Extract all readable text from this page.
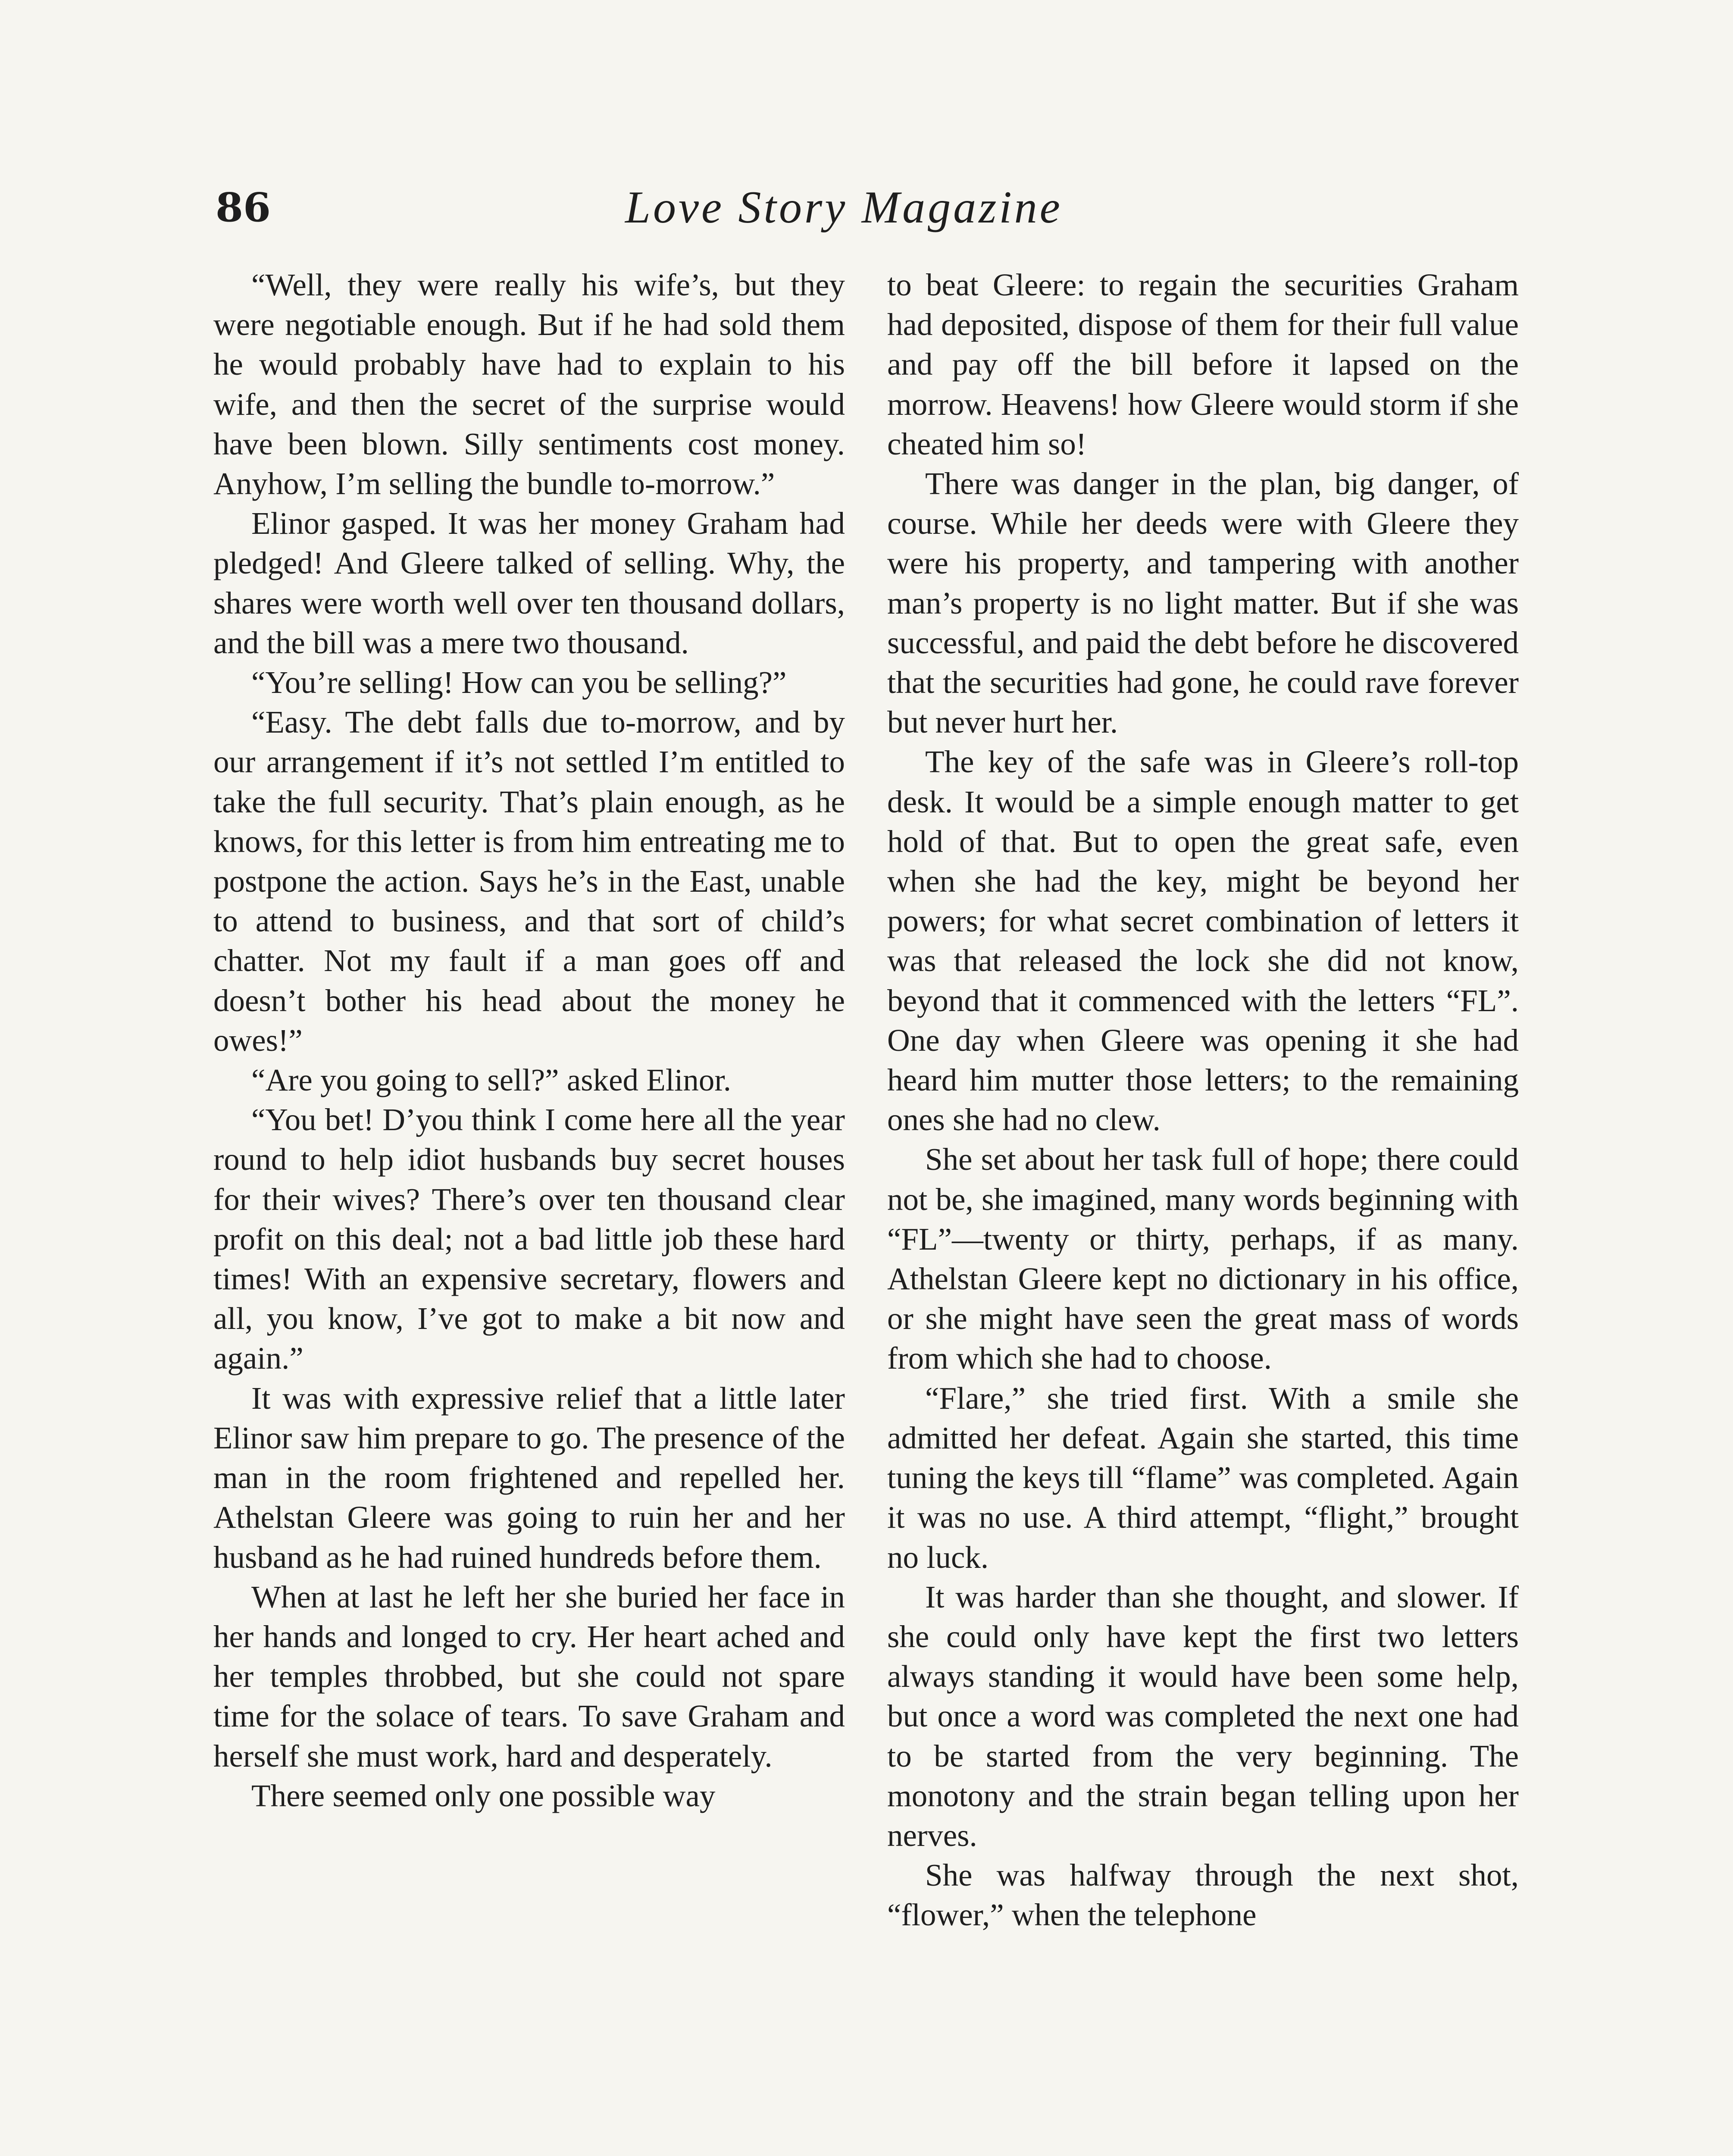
86	Love Story Magazine

“Well, they were really his wife’s, but they were negotiable enough. But if he had sold them he would probably have had to explain to his wife, and then the secret of the surprise would have been blown. Silly sentiments cost money. Anyhow, I’m selling the bundle to-morrow.”

Elinor gasped. It was her money Graham had pledged! And Gleere talked of selling. Why, the shares were worth well over ten thousand dollars, and the bill was a mere two thousand.

“You’re selling! How can you be selling?”

“Easy. The debt falls due to-morrow, and by our arrangement if it’s not settled I’m entitled to take the full security. That’s plain enough, as he knows, for this letter is from him entreating me to postpone the action. Says he’s in the East, unable to attend to business, and that sort of child’s chatter. Not my fault if a man goes off and doesn’t bother his head about the money he owes!”

“Are you going to sell?” asked Elinor.

“You bet! D’you think I come here all the year round to help idiot husbands buy secret houses for their wives? There’s over ten thousand clear profit on this deal; not a bad little job these hard times! With an expensive secretary, flowers and all, you know, I’ve got to make a bit now and again.”

It was with expressive relief that a little later Elinor saw him prepare to go. The presence of the man in the room frightened and repelled her. Athelstan Gleere was going to ruin her and her husband as he had ruined hundreds before them.

When at last he left her she buried her face in her hands and longed to cry. Her heart ached and her temples throbbed, but she could not spare time for the solace of tears. To save Graham and herself she must work, hard and desperately.

There seemed only one possible way

to beat Gleere: to regain the securities Graham had deposited, dispose of them for their full value and pay off the bill before it lapsed on the morrow. Heavens! how Gleere would storm if she cheated him so!

There was danger in the plan, big danger, of course. While her deeds were with Gleere they were his property, and tampering with another man’s property is no light matter. But if she was successful, and paid the debt before he discovered that the securities had gone, he could rave forever but never hurt her.

The key of the safe was in Gleere’s roll-top desk. It would be a simple enough matter to get hold of that. But to open the great safe, even when she had the key, might be beyond her powers; for what secret combination of letters it was that released the lock she did not know, beyond that it commenced with the letters “FL”. One day when Gleere was opening it she had heard him mutter those letters; to the remaining ones she had no clew.

She set about her task full of hope; there could not be, she imagined, many words beginning with “FL”—twenty or thirty, perhaps, if as many. Athelstan Gleere kept no dictionary in his office, or she might have seen the great mass of words from which she had to choose.

“Flare,” she tried first. With a smile she admitted her defeat. Again she started, this time tuning the keys till “flame” was completed. Again it was no use. A third attempt, “flight,” brought no luck.

It was harder than she thought, and slower. If she could only have kept the first two letters always standing it would have been some help, but once a word was completed the next one had to be started from the very beginning. The monotony and the strain began telling upon her nerves.

She was halfway through the next shot, “flower,” when the telephone
